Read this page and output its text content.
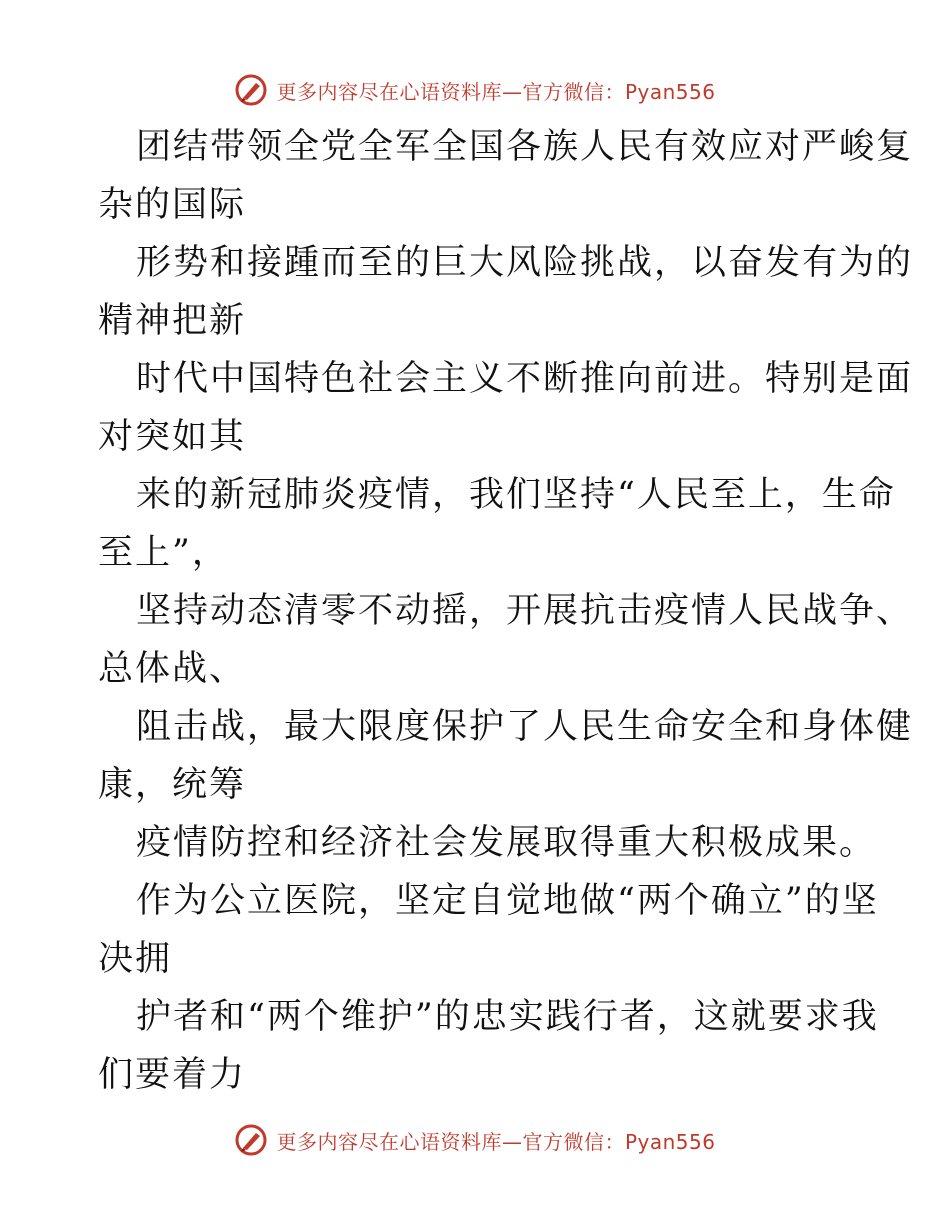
更多内容尽在心语资料库—官方微信：Pyan556
团结带领全党全军全国各族人民有效应对严峻复
杂的国际
形势和接踵而至的巨大风险挑战，以奋发有为的
精神把新
时代中国特色社会主义不断推向前进。特别是面
对突如其
来的新冠肺炎疫情，我们坚持“人民至上，生命
至上”，
坚持动态清零不动摇，开展抗击疫情人民战争、
总体战、
阻击战，最大限度保护了人民生命安全和身体健
康，统筹
疫情防控和经济社会发展取得重大积极成果。
作为公立医院，坚定自觉地做“两个确立”的坚
决拥
护者和“两个维护”的忠实践行者，这就要求我
们要着力
更多内容尽在心语资料库—官方微信：Pyan556
